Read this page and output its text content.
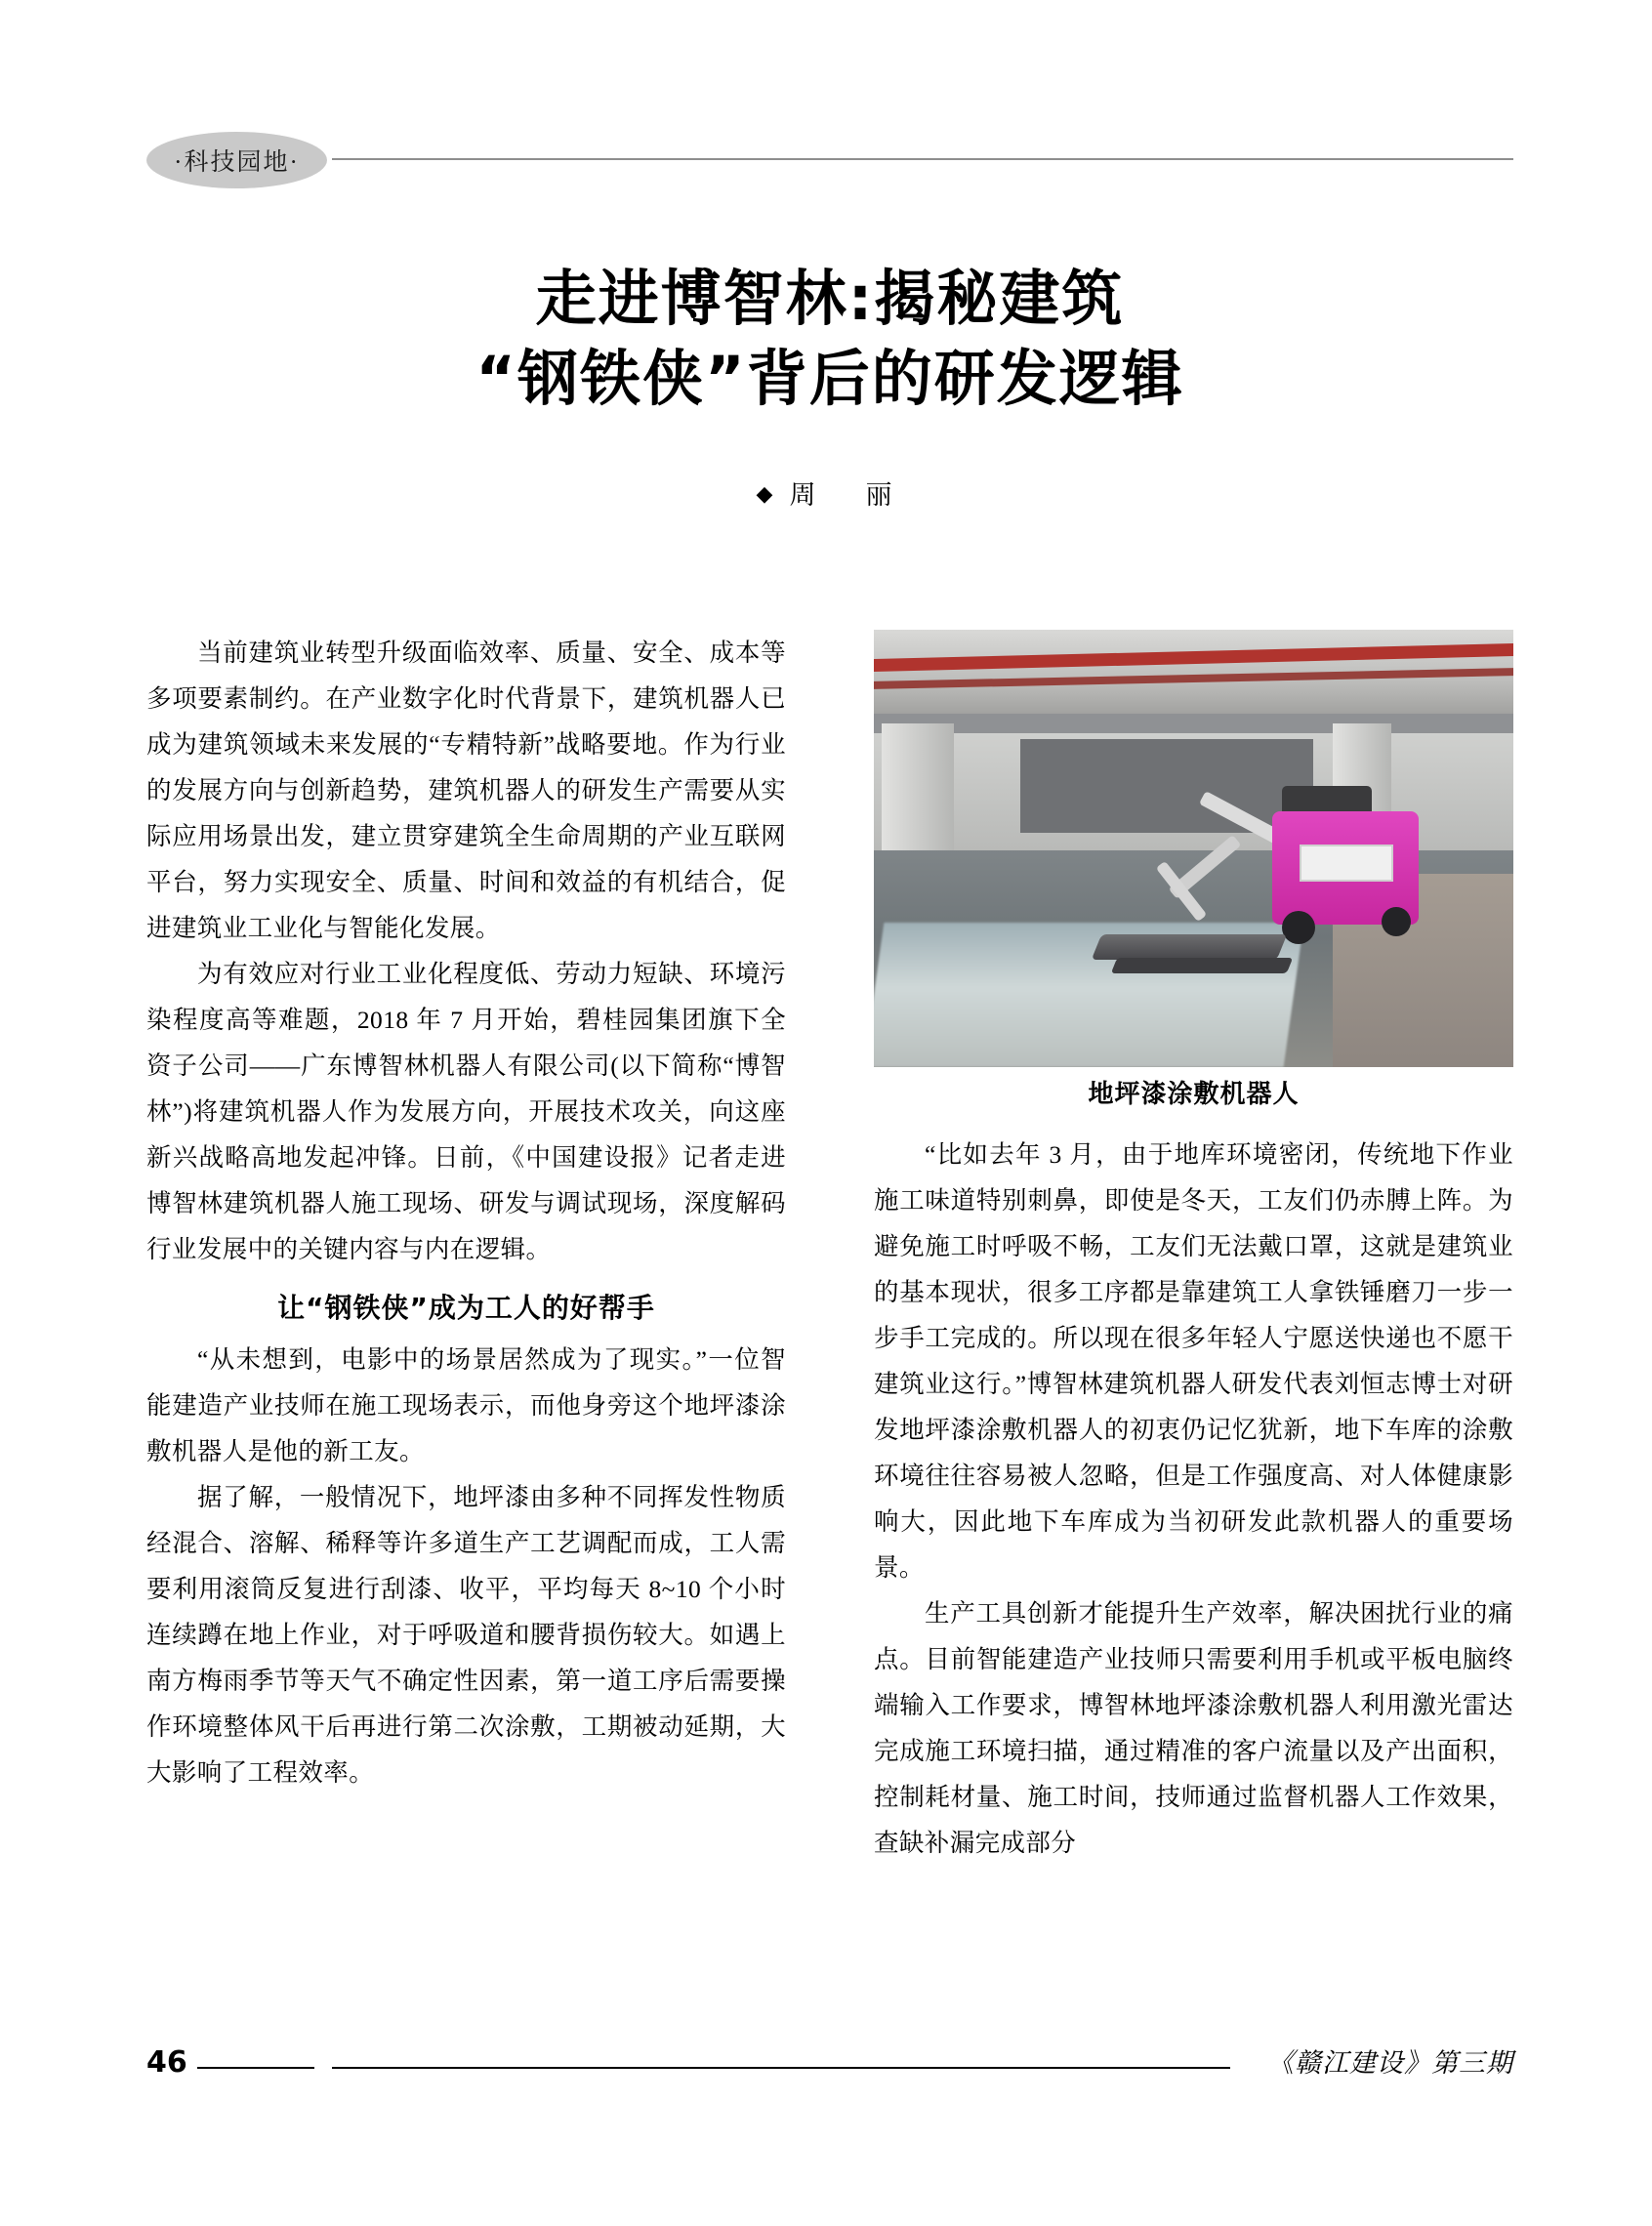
·科技园地·
走进博智林:揭秘建筑
“钢铁侠”背后的研发逻辑
◆ 周　丽

当前建筑业转型升级面临效率、质量、安全、成本等多项要素制约。在产业数字化时代背景下，建筑机器人已成为建筑领域未来发展的“专精特新”战略要地。作为行业的发展方向与创新趋势，建筑机器人的研发生产需要从实际应用场景出发，建立贯穿建筑全生命周期的产业互联网平台，努力实现安全、质量、时间和效益的有机结合，促进建筑业工业化与智能化发展。

为有效应对行业工业化程度低、劳动力短缺、环境污染程度高等难题，2018 年 7 月开始，碧桂园集团旗下全资子公司——广东博智林机器人有限公司(以下简称“博智林”)将建筑机器人作为发展方向，开展技术攻关，向这座新兴战略高地发起冲锋。日前，《中国建设报》记者走进博智林建筑机器人施工现场、研发与调试现场，深度解码行业发展中的关键内容与内在逻辑。

让“钢铁侠”成为工人的好帮手

“从未想到，电影中的场景居然成为了现实。”一位智能建造产业技师在施工现场表示，而他身旁这个地坪漆涂敷机器人是他的新工友。

据了解，一般情况下，地坪漆由多种不同挥发性物质经混合、溶解、稀释等许多道生产工艺调配而成，工人需要利用滚筒反复进行刮漆、收平，平均每天 8~10 个小时连续蹲在地上作业，对于呼吸道和腰背损伤较大。如遇上南方梅雨季节等天气不确定性因素，第一道工序后需要操作环境整体风干后再进行第二次涂敷，工期被动延期，大大影响了工程效率。

地坪漆涂敷机器人

“比如去年 3 月，由于地库环境密闭，传统地下作业施工味道特别刺鼻，即使是冬天，工友们仍赤膊上阵。为避免施工时呼吸不畅，工友们无法戴口罩，这就是建筑业的基本现状，很多工序都是靠建筑工人拿铁锤磨刀一步一步手工完成的。所以现在很多年轻人宁愿送快递也不愿干建筑业这行。”博智林建筑机器人研发代表刘恒志博士对研发地坪漆涂敷机器人的初衷仍记忆犹新，地下车库的涂敷环境往往容易被人忽略，但是工作强度高、对人体健康影响大，因此地下车库成为当初研发此款机器人的重要场景。

生产工具创新才能提升生产效率，解决困扰行业的痛点。目前智能建造产业技师只需要利用手机或平板电脑终端输入工作要求，博智林地坪漆涂敷机器人利用激光雷达完成施工环境扫描，通过精准的客户流量以及产出面积，控制耗材量、施工时间，技师通过监督机器人工作效果，查缺补漏完成部分

46	《赣江建设》第三期
